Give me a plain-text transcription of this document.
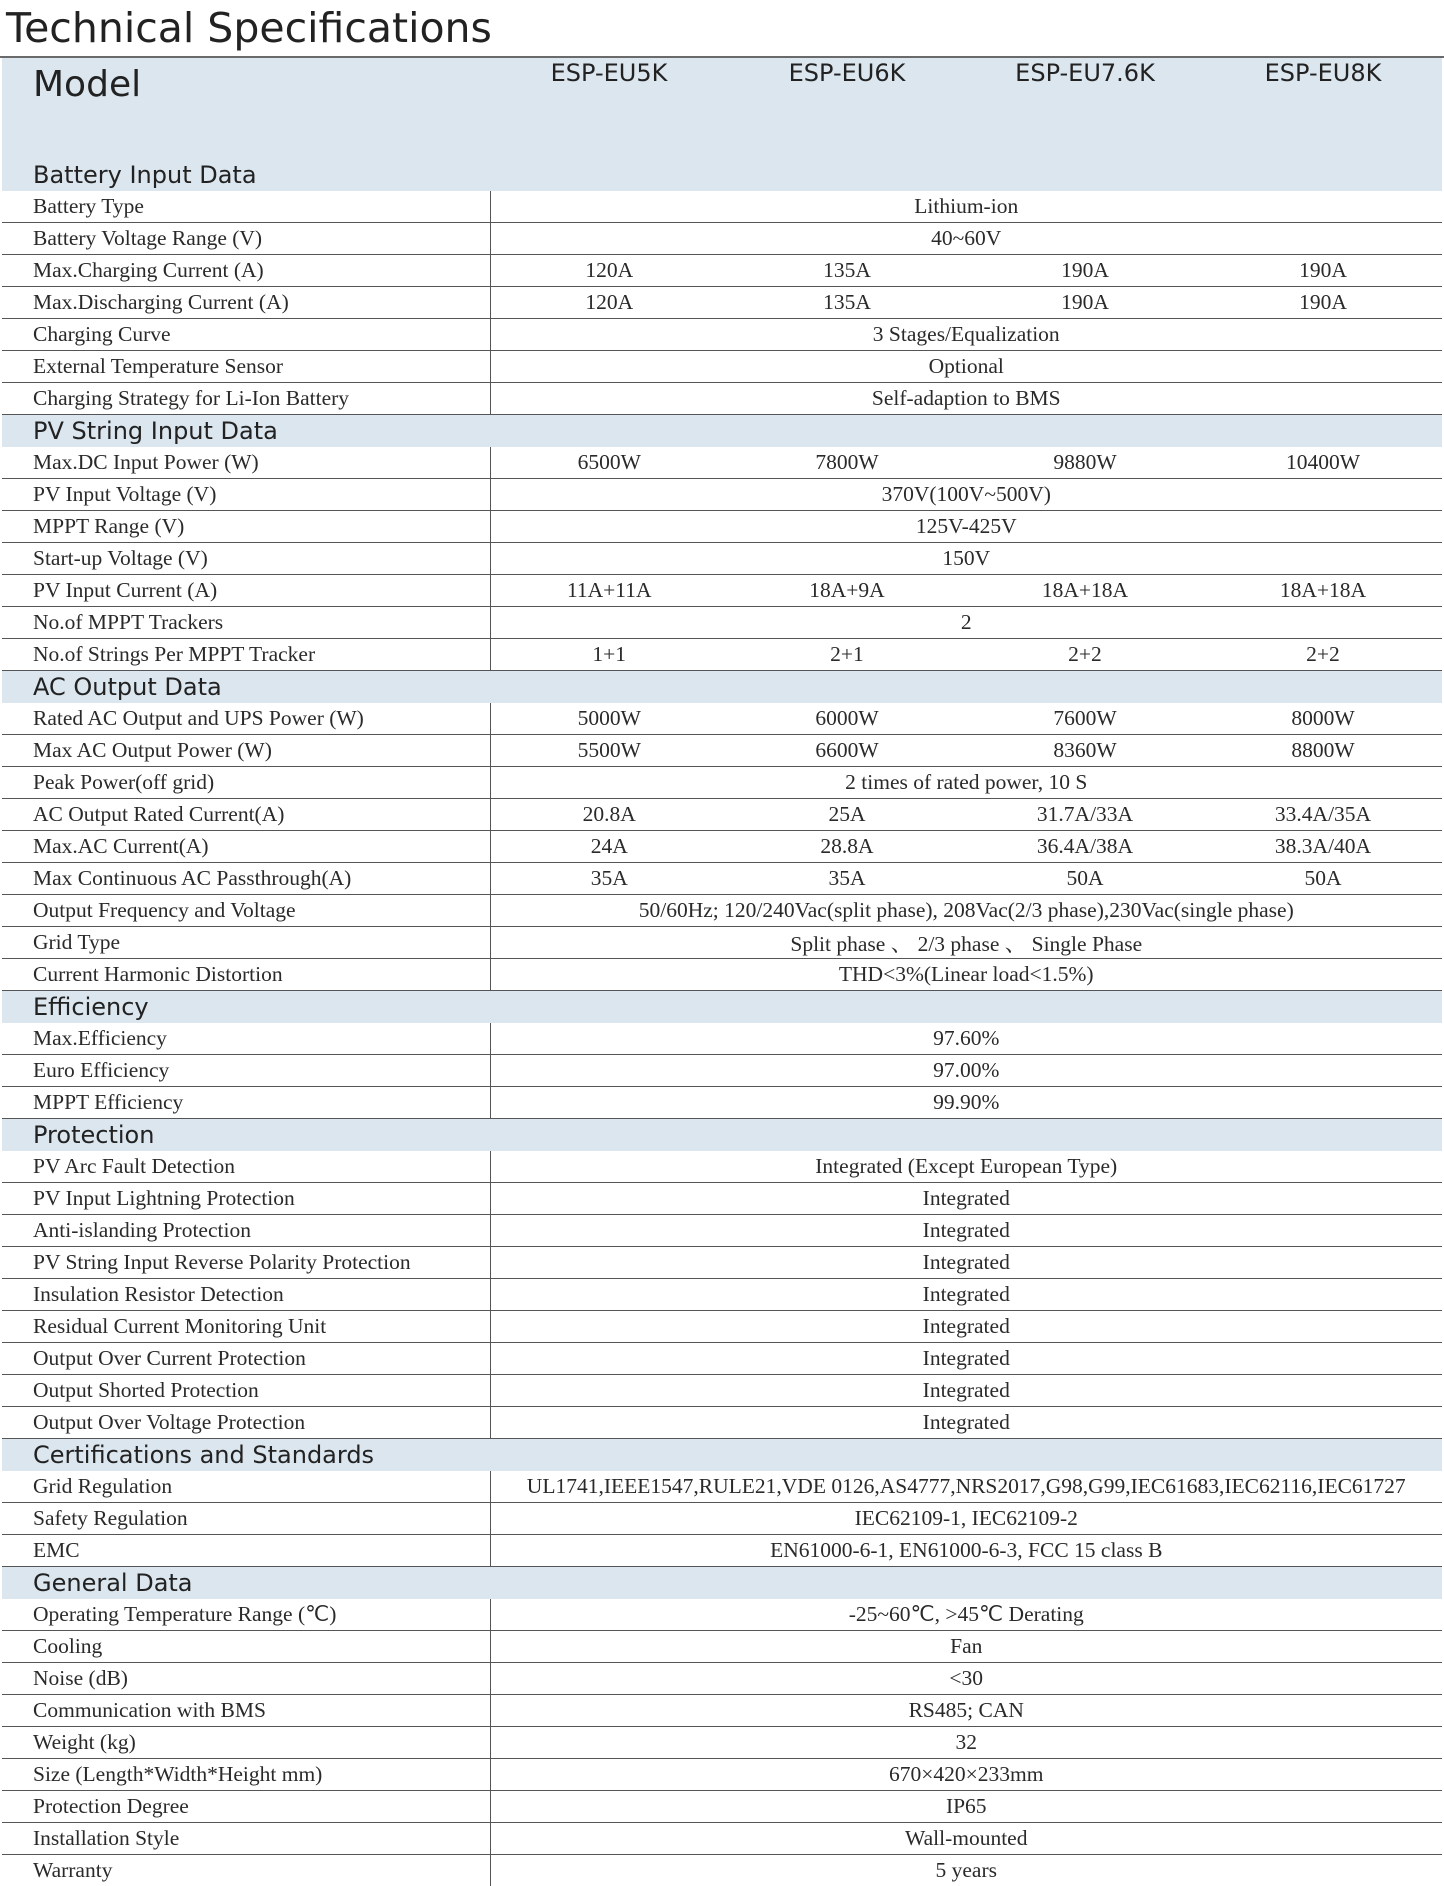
Technical Specifications
Model	ESP-EU5K	ESP-EU6K	ESP-EU7.6K	ESP-EU8K
Battery Input Data				
Battery Type	Lithium-ion			
Battery Voltage Range (V)	40~60V			
Max.Charging Current (A)	120A	135A	190A	190A
Max.Discharging Current (A)	120A	135A	190A	190A
Charging Curve	3 Stages/Equalization			
External Temperature Sensor	Optional			
Charging Strategy for Li-Ion Battery	Self-adaption to BMS			
PV String Input Data				
Max.DC Input Power (W)	6500W	7800W	9880W	10400W
PV Input Voltage (V)	370V(100V~500V)			
MPPT Range (V)	125V-425V			
Start-up Voltage (V)	150V			
PV Input Current (A)	11A+11A	18A+9A	18A+18A	18A+18A
No.of MPPT Trackers	2			
No.of Strings Per MPPT Tracker	1+1	2+1	2+2	2+2
AC Output Data				
Rated AC Output and UPS Power (W)	5000W	6000W	7600W	8000W
Max AC Output Power (W)	5500W	6600W	8360W	8800W
Peak Power(off grid)	2 times of rated power, 10 S			
AC Output Rated Current(A)	20.8A	25A	31.7A/33A	33.4A/35A
Max.AC Current(A)	24A	28.8A	36.4A/38A	38.3A/40A
Max Continuous AC Passthrough(A)	35A	35A	50A	50A
Output Frequency and Voltage	50/60Hz; 120/240Vac(split phase), 208Vac(2/3 phase),230Vac(single phase)			
Grid Type	Split phase 、 2/3 phase 、 Single Phase			
Current Harmonic Distortion	THD<3%(Linear load<1.5%)			
Efficiency				
Max.Efficiency	97.60%			
Euro Efficiency	97.00%			
MPPT Efficiency	99.90%			
Protection				
PV Arc Fault Detection	Integrated (Except European Type)			
PV Input Lightning Protection	Integrated			
Anti-islanding Protection	Integrated			
PV String Input Reverse Polarity Protection	Integrated			
Insulation Resistor Detection	Integrated			
Residual Current Monitoring Unit	Integrated			
Output Over Current Protection	Integrated			
Output Shorted Protection	Integrated			
Output Over Voltage Protection	Integrated			
Certifications and Standards				
Grid Regulation	UL1741,IEEE1547,RULE21,VDE 0126,AS4777,NRS2017,G98,G99,IEC61683,IEC62116,IEC61727			
Safety Regulation	IEC62109-1, IEC62109-2			
EMC	EN61000-6-1, EN61000-6-3, FCC 15 class B			
General Data				
Operating Temperature Range (℃)	-25~60℃, >45℃ Derating			
Cooling	Fan			
Noise (dB)	<30			
Communication with BMS	RS485; CAN			
Weight (kg)	32			
Size (Length*Width*Height mm)	670×420×233mm			
Protection Degree	IP65			
Installation Style	Wall-mounted			
Warranty	5 years			
